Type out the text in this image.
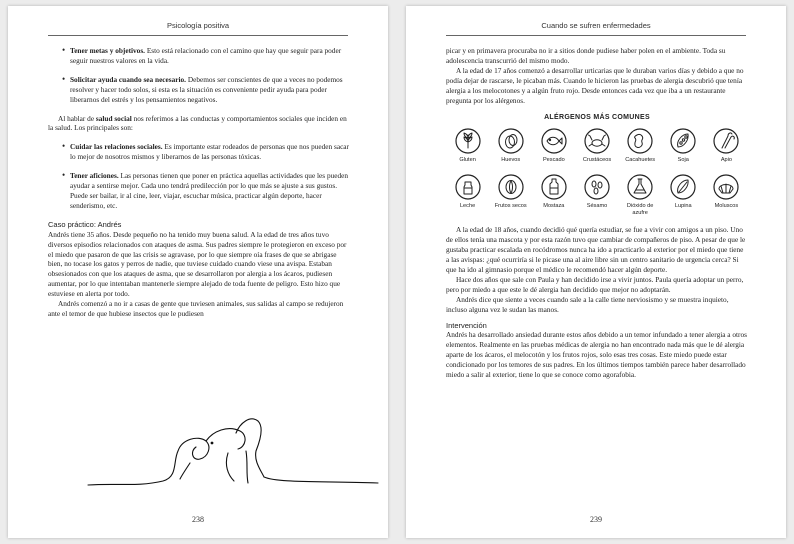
Psicología positiva
• Tener metas y objetivos. Esto está relacionado con el camino que hay que seguir para poder seguir nuestros valores en la vida.
• Solicitar ayuda cuando sea necesario. Debemos ser conscientes de que a veces no podemos resolver y hacer todo solos, si esta es la situación es conveniente pedir ayuda para poder liberarnos del estrés y los pensamientos negativos.

Al hablar de salud social nos referimos a las conductas y comportamientos sociales que inciden en la salud. Los principales son:

• Cuidar las relaciones sociales. Es importante estar rodeados de personas que nos pueden sacar lo mejor de nosotros mismos y liberarnos de las personas tóxicas.
• Tener aficiones. Las personas tienen que poner en práctica aquellas actividades que les pueden ayudar a sentirse mejor. Cada uno tendrá predilección por lo que más se ajuste a sus gustos. Puede ser bailar, ir al cine, leer, viajar, escuchar música, practicar algún deporte, hacer senderismo, etc.
Caso práctico: Andrés

Andrés tiene 35 años. Desde pequeño no ha tenido muy buena salud. A la edad de tres años tuvo diversos episodios relacionados con ataques de asma. Sus padres siempre le protegieron en exceso por el miedo que pasaron de que las crisis se agravase, por lo que siempre oía frases de que se abrigase bien, no tocase los gatos y perros de nadie, que tuviese cuidado cuando viese una avispa. Estaban obsesionados con que los ataques de asma, que se desarrollaron por alergia a los ácaros, pudiesen aumentar, por lo que intentaban mantenerle siempre alejado de toda fuente de peligro. Esto hizo que estuviese en alerta por todo.

Andrés comenzó a no ir a casas de gente que tuviesen animales, sus salidas al campo se redujeron ante el temor de que hubiese insectos que le pudiesen

238
Cuando se sufren enfermedades

picar y en primavera procuraba no ir a sitios donde pudiese haber polen en el ambiente. Toda su adolescencia transcurrió del mismo modo.

A la edad de 17 años comenzó a desarrollar urticarias que le duraban varios días y debido a que no podía dejar de rascarse, le picaban más. Cuando le hicieron las pruebas de alergia descubrió que tenía alergia a los melocotones y a algún fruto rojo. Desde entonces cada vez que iba a un restaurante pregunta por los alérgenos.

ALÉRGENOS MÁS COMUNES
Gluten	Huevos	Pescado	Crustáceos	Cacahuetes	Soja	Apio
Leche	Frutos secos	Mostaza	Sésamo	Dióxido de azufre
Lupina	Moluscos

A la edad de 18 años, cuando decidió qué quería estudiar, se fue a vivir con amigos a un piso. Uno de ellos tenía una mascota y por esta razón tuvo que cambiar de compañeros de piso. A pesar de que le gustaba practicar escalada en rocódromos nunca ha ido a practicarlo al exterior por el miedo que tiene a las avispas: ¿qué ocurriría si le picase una al aire libre sin un centro sanitario de urgencia cerca? Si que ha ido al gimnasio porque el médico le recomendó hacer algún deporte.

Hace dos años que sale con Paula y han decidido irse a vivir juntos. Paula quería adoptar un perro, pero por miedo a que este le dé alergia han decidido que mejor no adoptarán.

Andrés dice que siente a veces cuando sale a la calle tiene nerviosismo y se muestra inquieto, incluso alguna vez le sudan las manos.

Intervención

Andrés ha desarrollado ansiedad durante estos años debido a un temor infundado a tener alergia a otros elementos. Realmente en las pruebas médicas de alergia no han encontrado nada más que le dé alergia aparte de los ácaros, el melocotón y los frutos rojos, solo esas tres cosas. Este miedo puede estar condicionado por los temores de sus padres. En los últimos tiempos también parece haber desarrollado miedo a salir al exterior, tiene lo que se conoce como agorafobia.

239
